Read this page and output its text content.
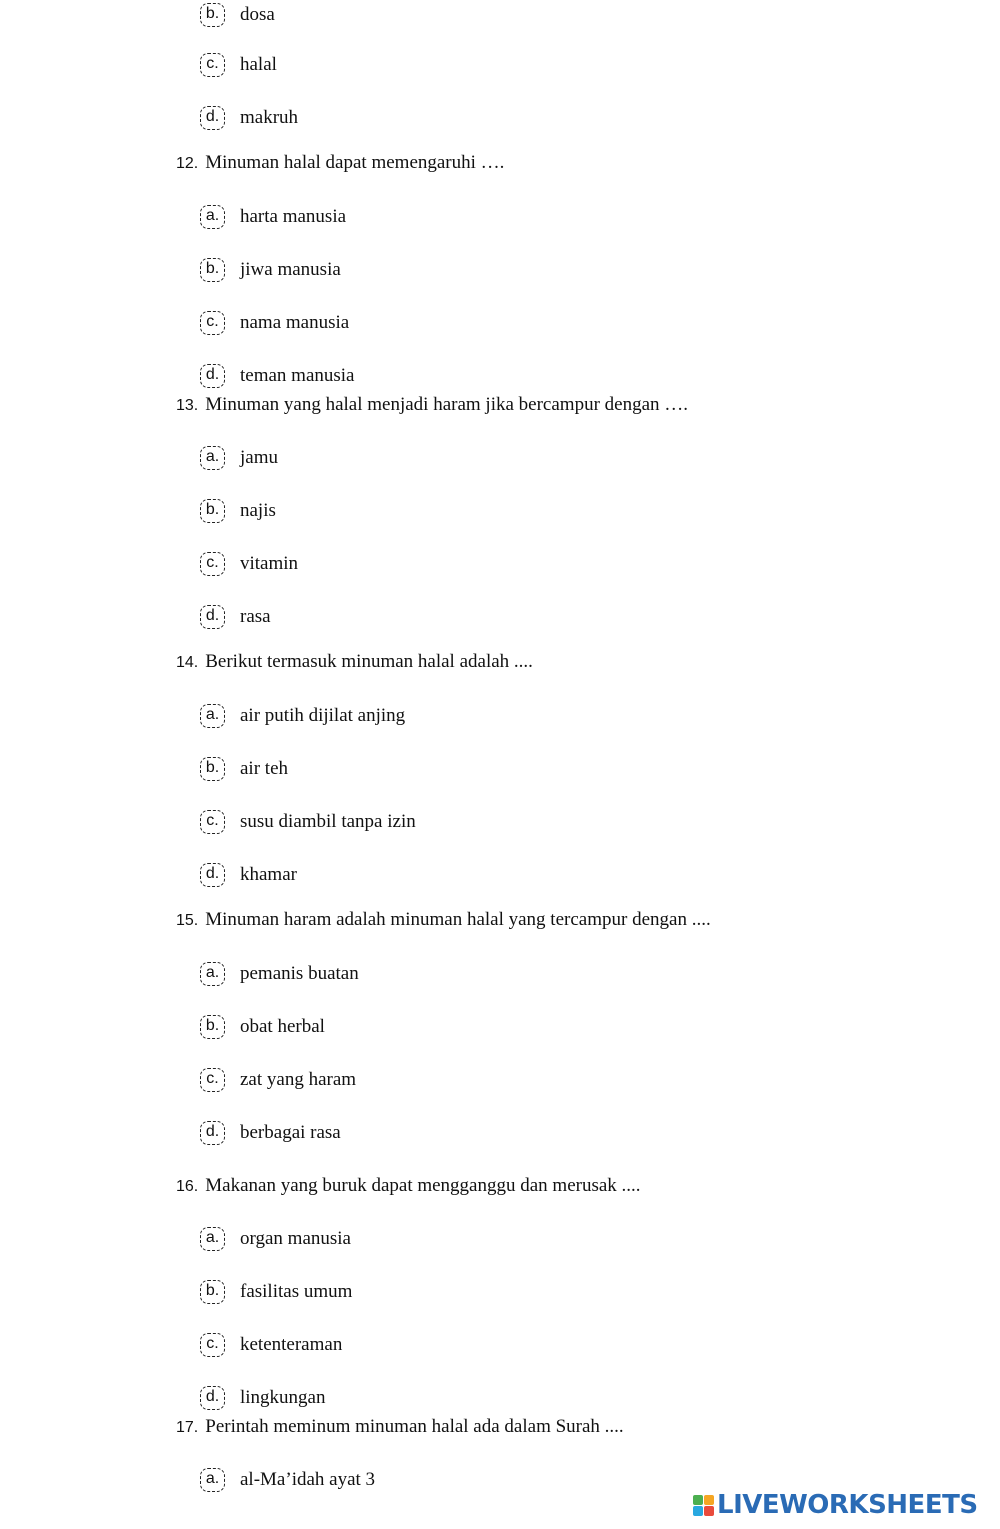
b.	dosa
c.	halal
d.	makruh
12. Minuman halal dapat memengaruhi ….
a.	harta manusia
b.	jiwa manusia
c.	nama manusia
d.	teman manusia
13. Minuman yang halal menjadi haram jika bercampur dengan ….
a.	jamu
b.	najis
c.	vitamin
d.	rasa
14. Berikut termasuk minuman halal adalah ....
a.	air putih dijilat anjing
b.	air teh
c.	susu diambil tanpa izin
d.	khamar
15. Minuman haram adalah minuman halal yang tercampur dengan ....
a.	pemanis buatan
b.	obat herbal
c.	zat yang haram
d.	berbagai rasa
16. Makanan yang buruk dapat mengganggu dan merusak ....
a.	organ manusia
b.	fasilitas umum
c.	ketenteraman
d.	lingkungan
17. Perintah meminum minuman halal ada dalam Surah ....
a.	al-Ma’idah ayat 3
LIVEWORKSHEETS
